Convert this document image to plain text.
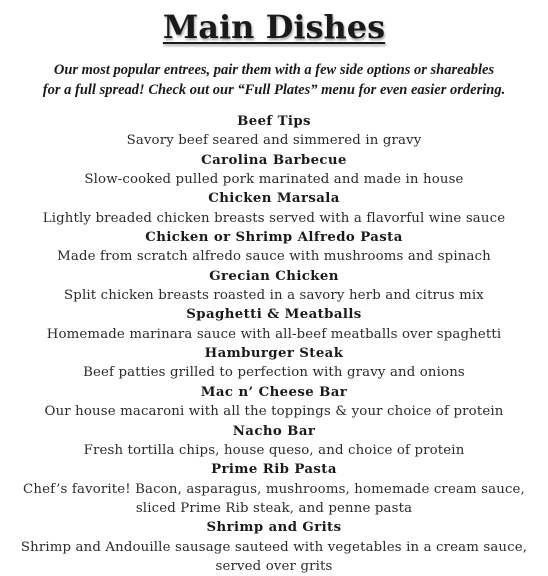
Main Dishes
Our most popular entrees, pair them with a few side options or shareables
for a full spread! Check out our “Full Plates” menu for even easier ordering.
Beef Tips
Savory beef seared and simmered in gravy
Carolina Barbecue
Slow-cooked pulled pork marinated and made in house
Chicken Marsala
Lightly breaded chicken breasts served with a flavorful wine sauce
Chicken or Shrimp Alfredo Pasta
Made from scratch alfredo sauce with mushrooms and spinach
Grecian Chicken
Split chicken breasts roasted in a savory herb and citrus mix
Spaghetti & Meatballs
Homemade marinara sauce with all-beef meatballs over spaghetti
Hamburger Steak
Beef patties grilled to perfection with gravy and onions
Mac n’ Cheese Bar
Our house macaroni with all the toppings & your choice of protein
Nacho Bar
Fresh tortilla chips, house queso, and choice of protein
Prime Rib Pasta
Chef’s favorite! Bacon, asparagus, mushrooms, homemade cream sauce,
sliced Prime Rib steak, and penne pasta
Shrimp and Grits
Shrimp and Andouille sausage sauteed with vegetables in a cream sauce,
served over grits
